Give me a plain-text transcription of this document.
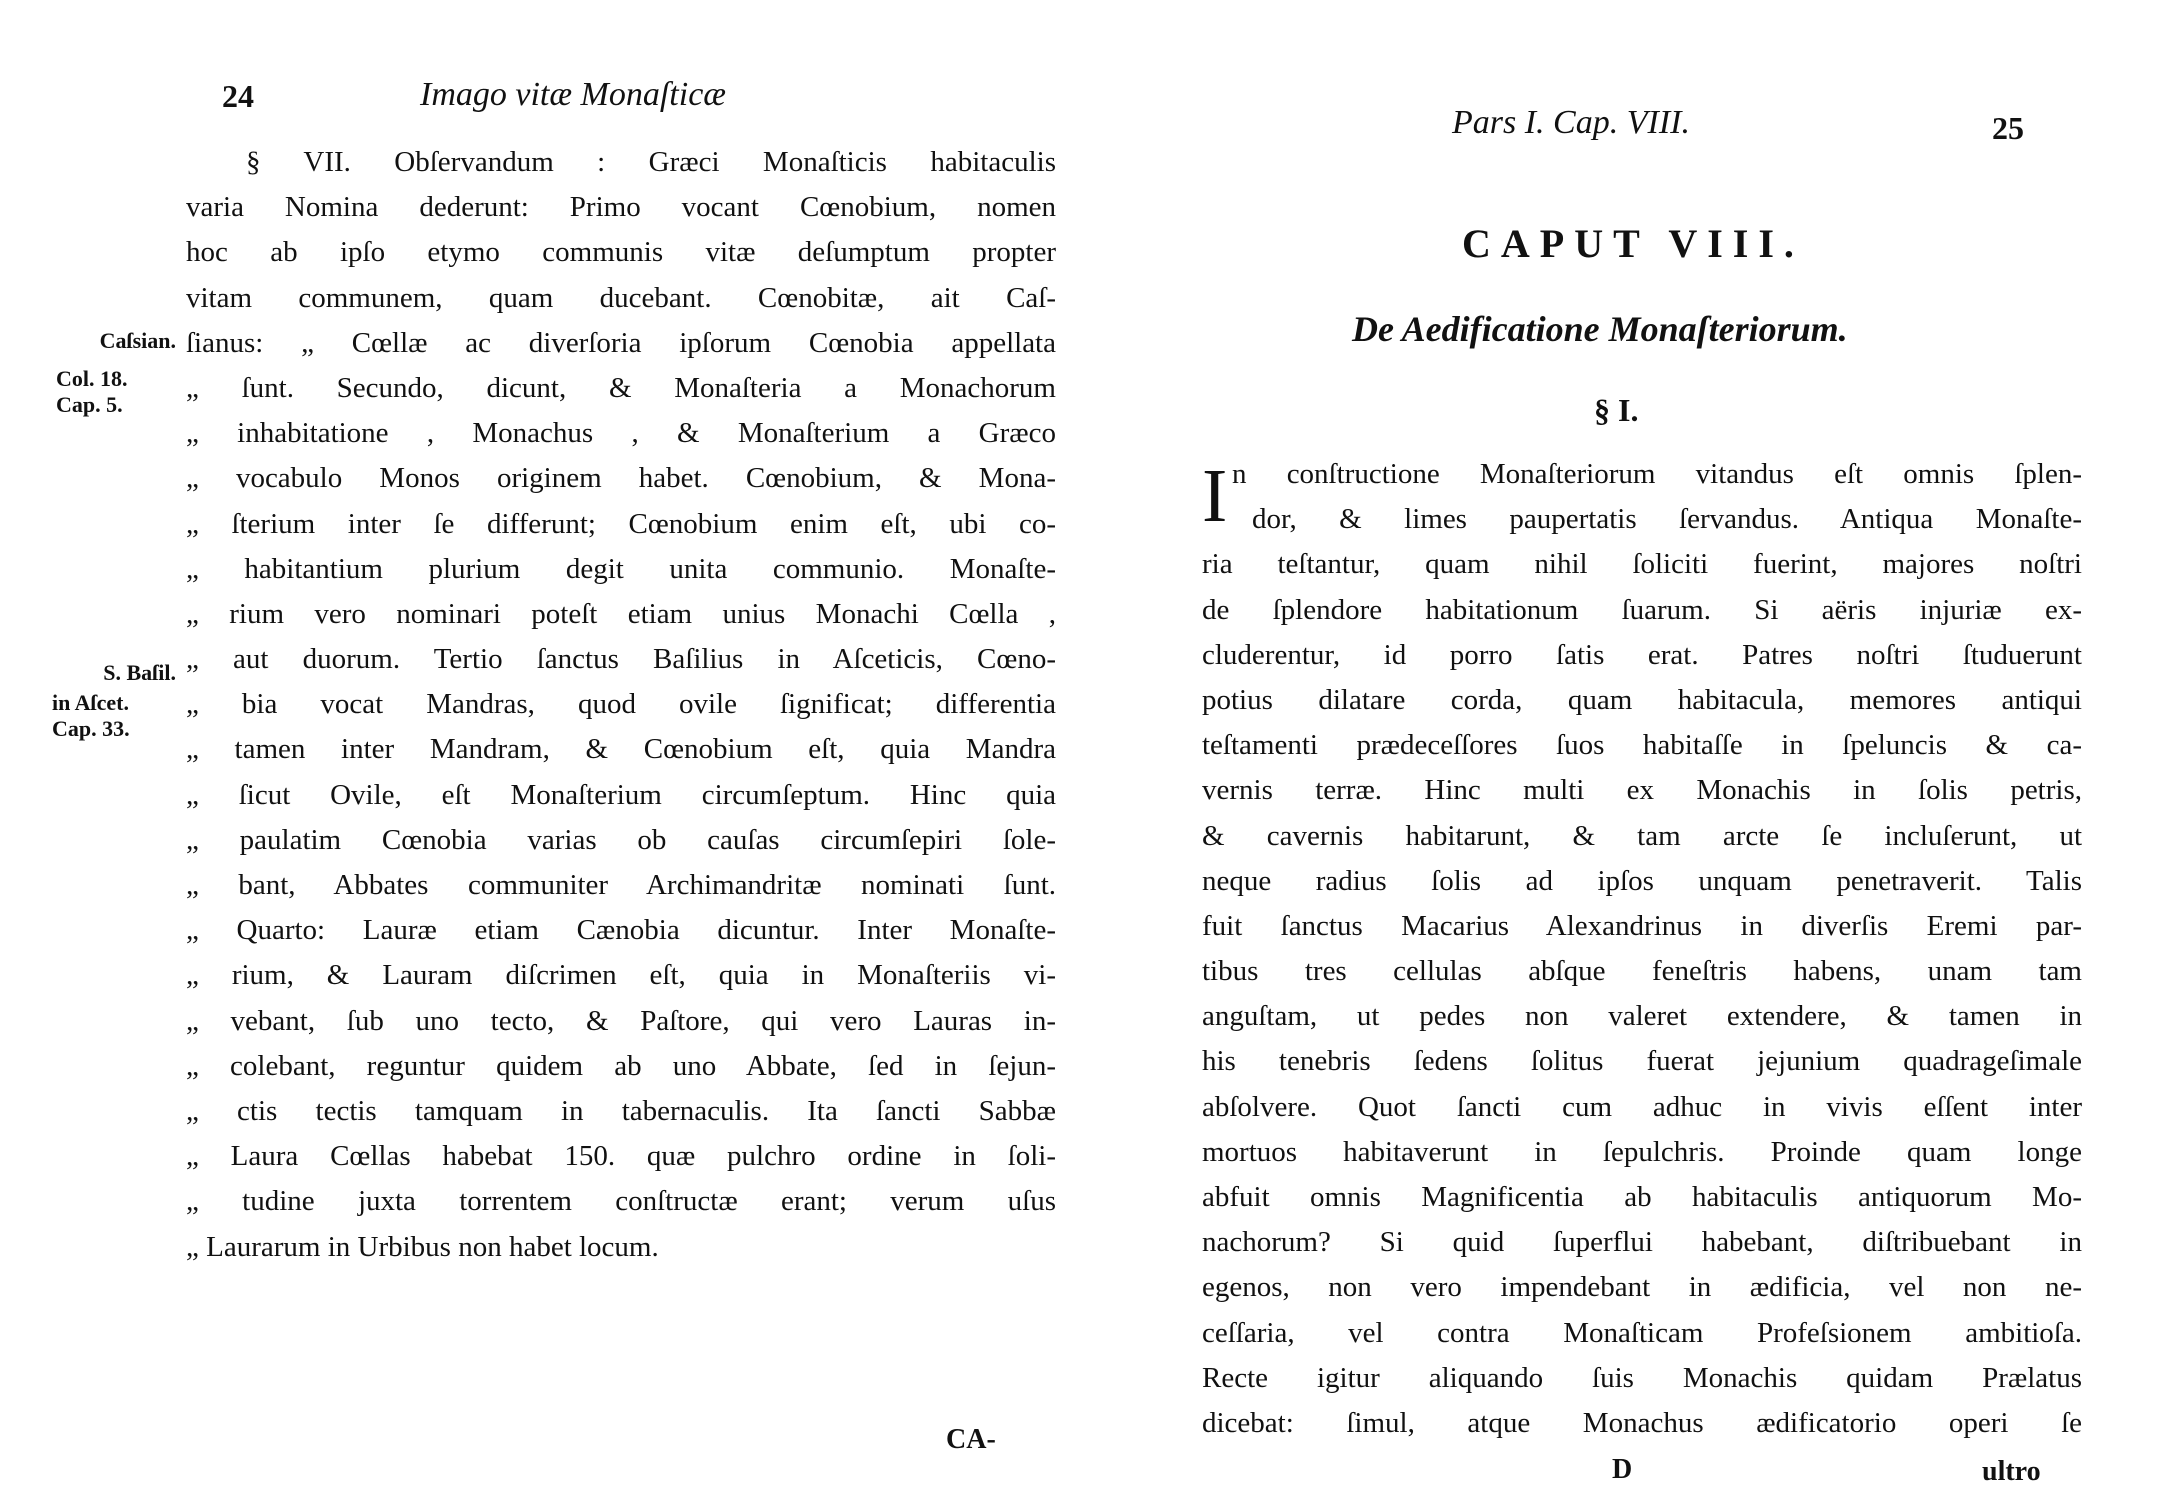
24	Imago vitæ Monaſticæ
§ VII. Obſervandum : Græci Monaſticis habitaculis
varia Nomina dederunt: Primo vocant Cœnobium, nomen
hoc ab ipſo etymo communis vitæ deſumptum propter
vitam communem, quam ducebant. Cœnobitæ, ait Caſ-
ſianus: „ Cœllæ ac diverſoria ipſorum Cœnobia appellata
„ ſunt. Secundo, dicunt, & Monaſteria a Monachorum
„ inhabitatione , Monachus , & Monaſterium a Græco
„ vocabulo Monos originem habet. Cœnobium, & Mona-
„ ſterium inter ſe differunt; Cœnobium enim eſt, ubi co-
„ habitantium plurium degit unita communio. Monaſte-
„ rium vero nominari poteſt etiam unius Monachi Cœlla ,
„ aut duorum. Tertio ſanctus Baſilius in Aſceticis, Cœno-
„ bia vocat Mandras, quod ovile ſignificat; differentia
„ tamen inter Mandram, & Cœnobium eſt, quia Mandra
„ ſicut Ovile, eſt Monaſterium circumſeptum. Hinc quia
„ paulatim Cœnobia varias ob cauſas circumſepiri ſole-
„ bant, Abbates communiter Archimandritæ nominati ſunt.
„ Quarto: Lauræ etiam Cænobia dicuntur. Inter Monaſte-
„ rium, & Lauram diſcrimen eſt, quia in Monaſteriis vi-
„ vebant, ſub uno tecto, & Paſtore, qui vero Lauras in-
„ colebant, reguntur quidem ab uno Abbate, ſed in ſejun-
„ ctis tectis tamquam in tabernaculis. Ita ſancti Sabbæ
„ Laura Cœllas habebat 150. quæ pulchro ordine in ſoli-
„ tudine juxta torrentem conſtructæ erant; verum uſus
„ Laurarum in Urbibus non habet locum.
Caſsian.
Col. 18.
Cap. 5.
S. Baſil.
in Aſcet.
Cap. 33.
CA-
Pars I. Cap. VIII.	25
CAPUT VIII.
De Aedificatione Monaſteriorum.
§ I.
I n conſtructione Monaſteriorum vitandus eſt omnis ſplen-
dor, & limes paupertatis ſervandus. Antiqua Monaſte-
ria teſtantur, quam nihil ſoliciti fuerint, majores noſtri
de ſplendore habitationum ſuarum. Si aëris injuriæ ex-
cluderentur, id porro ſatis erat. Patres noſtri ſtuduerunt
potius dilatare corda, quam habitacula, memores antiqui
teſtamenti prædeceſſores ſuos habitaſſe in ſpeluncis & ca-
vernis terræ. Hinc multi ex Monachis in ſolis petris,
& cavernis habitarunt, & tam arcte ſe incluſerunt, ut
neque radius ſolis ad ipſos unquam penetraverit. Talis
fuit ſanctus Macarius Alexandrinus in diverſis Eremi par-
tibus tres cellulas abſque feneſtris habens, unam tam
anguſtam, ut pedes non valeret extendere, & tamen in
his tenebris ſedens ſolitus fuerat jejunium quadrageſimale
abſolvere. Quot ſancti cum adhuc in vivis eſſent inter
mortuos habitaverunt in ſepulchris. Proinde quam longe
abfuit omnis Magnificentia ab habitaculis antiquorum Mo-
nachorum? Si quid ſuperflui habebant, diſtribuebant in
egenos, non vero impendebant in ædificia, vel non ne-
ceſſaria, vel contra Monaſticam Profeſsionem ambitioſa.
Recte igitur aliquando ſuis Monachis quidam Prælatus
dicebat: ſimul, atque Monachus ædificatorio operi ſe
D	ultro
